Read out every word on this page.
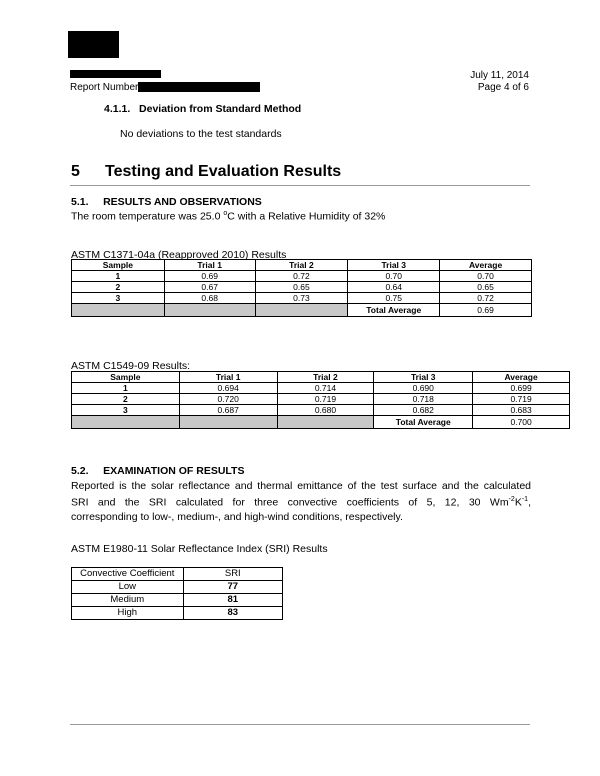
Report Number
July 11, 2014
Page 4 of 6
4.1.1.   Deviation from Standard Method
No deviations to the test standards
5 Testing and Evaluation Results
5.1.     RESULTS AND OBSERVATIONS
The room temperature was 25.0 $^o$C with a Relative Humidity of 32%
ASTM C1371-04a (Reapproved 2010) Results
Sample	Trial 1	Trial 2	Trial 3	Average
1	0.69	0.72	0.70	0.70
2	0.67	0.65	0.64	0.65
3	0.68	0.73	0.75	0.72
			Total Average	0.69
ASTM C1549-09 Results:
Sample	Trial 1	Trial 2	Trial 3	Average
1	0.694	0.714	0.690	0.699
2	0.720	0.719	0.718	0.719
3	0.687	0.680	0.682	0.683
			Total Average	0.700
5.2.     EXAMINATION OF RESULTS
Reported is the solar reflectance and thermal emittance of the test surface and the calculated
SRI and the SRI calculated for three convective coefficients of 5, 12, 30 $Wm^{-2}K^{-1}$,
corresponding to low-, medium-, and high-wind conditions, respectively.
ASTM E1980-11 Solar Reflectance Index (SRI) Results
Convective Coefficient	SRI
Low	77
Medium	81
High	83
